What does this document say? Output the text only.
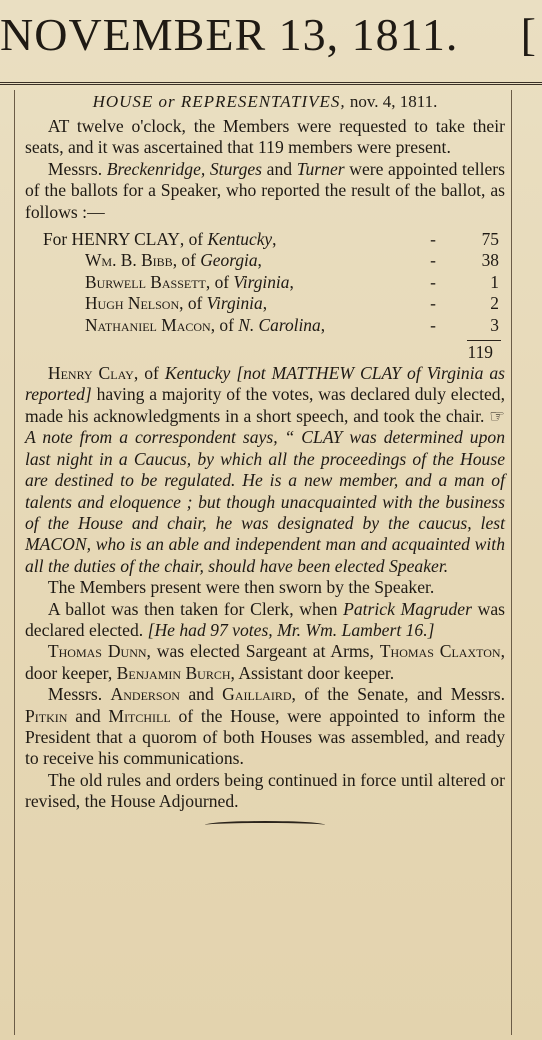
NOVEMBER 13, 1811. [
HOUSE or REPRESENTATIVES, nov. 4, 1811.

AT twelve o'clock, the Members were requested to take their seats, and it was ascertained that 119 members were present.

Messrs. Breckenridge, Sturges and Turner were appointed tellers of the ballots for a Speaker, who reported the result of the ballot, as follows :—

For HENRY CLAY, of Kentucky,	-	75
Wm. B. Bibb, of Georgia,	-	38
Burwell Bassett, of Virginia,	-	1
Hugh Nelson, of Virginia,	-	2
Nathaniel Macon, of N. Carolina,	-	3
119

Henry Clay, of Kentucky [not MATTHEW CLAY of Virginia as reported] having a majority of the votes, was declared duly elected, made his acknowledgments in a short speech, and took the chair. ☞ A note from a correspondent says, “ CLAY was determined upon last night in a Caucus, by which all the proceedings of the House are destined to be regulated. He is a new member, and a man of talents and eloquence ; but though unacquainted with the business of the House and chair, he was designated by the caucus, lest MACON, who is an able and independent man and acquainted with all the duties of the chair, should have been elected Speaker.

The Members present were then sworn by the Speaker.

A ballot was then taken for Clerk, when Patrick Magruder was declared elected. [He had 97 votes, Mr. Wm. Lambert 16.]

Thomas Dunn, was elected Sargeant at Arms, Thomas Claxton, door keeper, Benjamin Burch, Assistant door keeper.

Messrs. Anderson and Gaillaird, of the Senate, and Messrs. Pitkin and Mitchill of the House, were appointed to inform the President that a quorom of both Houses was assembled, and ready to receive his communications.

The old rules and orders being continued in force until altered or revised, the House Adjourned.
